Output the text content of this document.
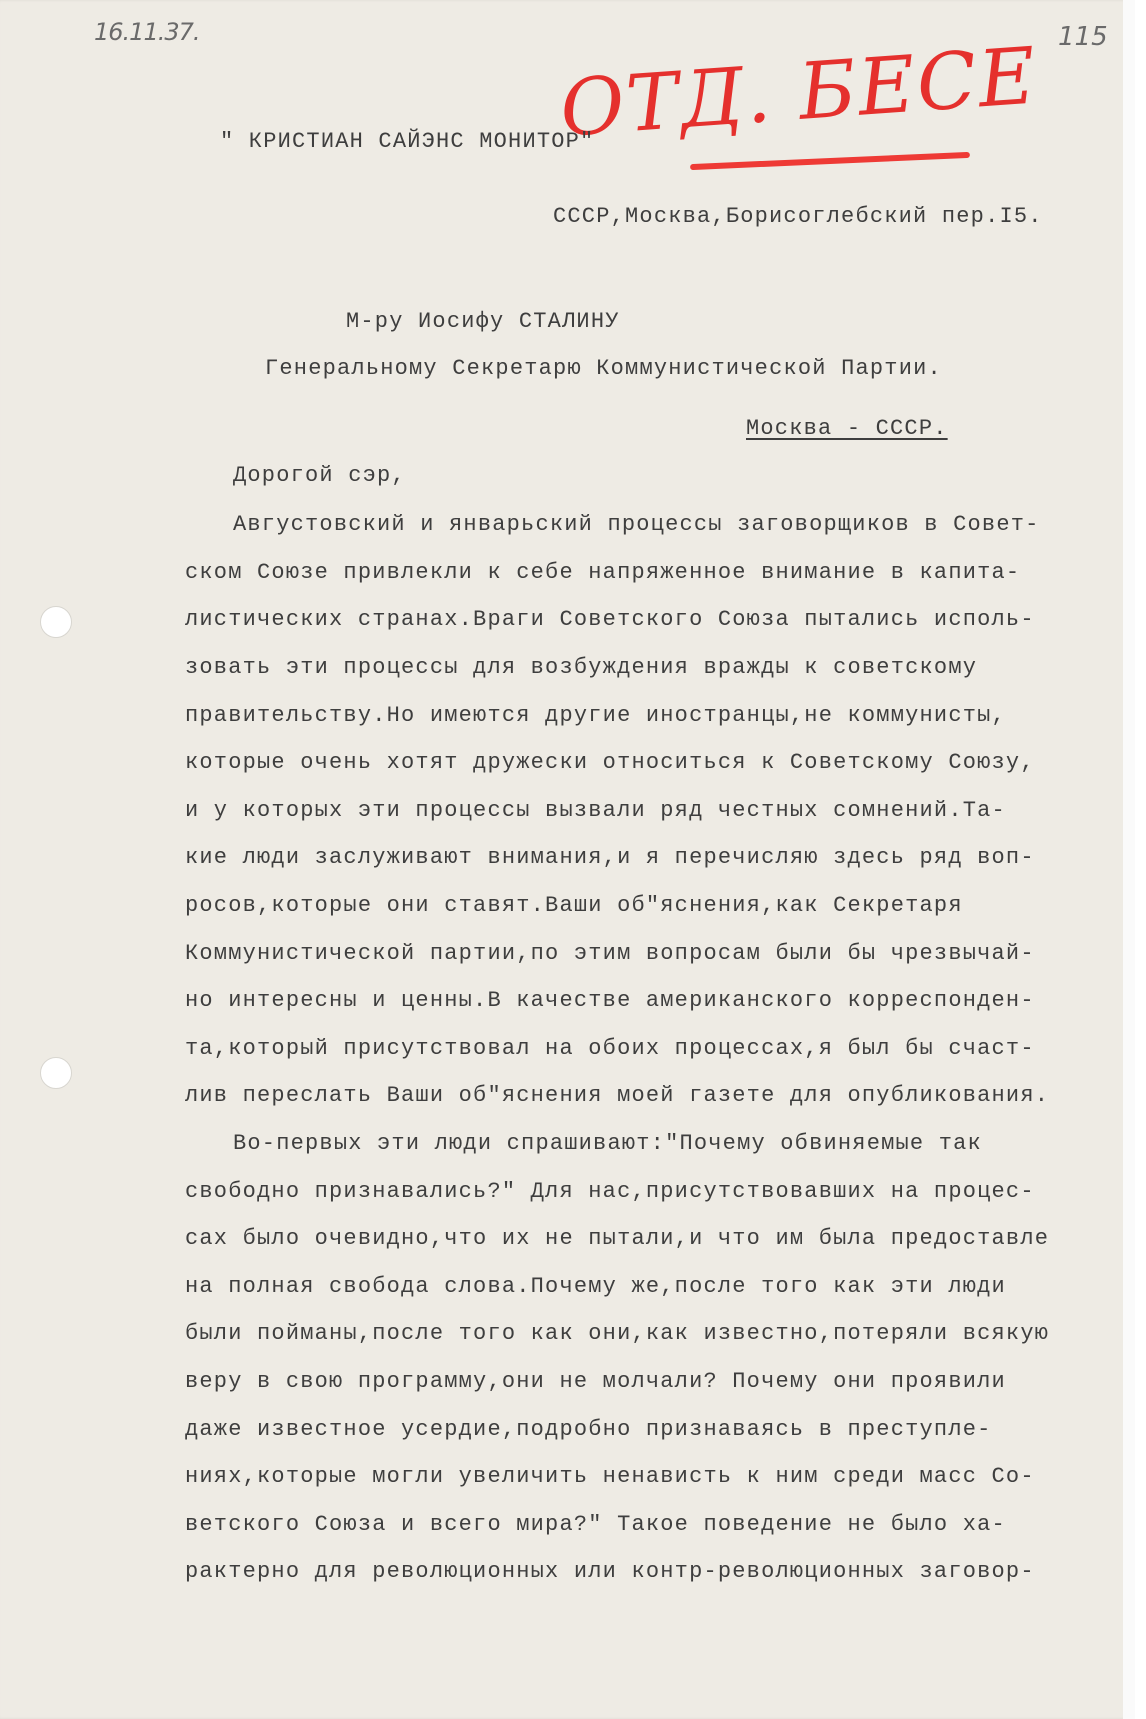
16.11.37.	115
ОТД. БЕСЕ
" КРИСТИАН САЙЭНС МОНИТОР"
СССР,Москва,Борисоглебский пер.I5.
М-ру Иосифу СТАЛИНУ
Генеральному Секретарю Коммунистической Партии.
Москва - СССР.
Дорогой сэр,
Августовский и январьский процессы заговорщиков в Совет-
ском Союзе привлекли к себе напряженное внимание в капита-
листических странах.Враги Советского Союза пытались исполь-
зовать эти процессы для возбуждения вражды к советскому
правительству.Но имеются другие иностранцы,не коммунисты,
которые очень хотят дружески относиться к Советскому Союзу,
и у которых эти процессы вызвали ряд честных сомнений.Та-
кие люди заслуживают внимания,и я перечисляю здесь ряд воп-
росов,которые они ставят.Ваши об"яснения,как Секретаря
Коммунистической партии,по этим вопросам были бы чрезвычай-
но интересны и ценны.В качестве американского корреспонден-
та,который присутствовал на обоих процессах,я был бы счаст-
лив переслать Ваши об"яснения моей газете для опубликования.
Во-первых эти люди спрашивают:"Почему обвиняемые так
свободно признавались?" Для нас,присутствовавших на процес-
сах было очевидно,что их не пытали,и что им была предоставле
на полная свобода слова.Почему же,после того как эти люди
были пойманы,после того как они,как известно,потеряли всякую
веру в свою программу,они не молчали? Почему они проявили
даже известное усердие,подробно признаваясь в преступле-
ниях,которые могли увеличить ненависть к ним среди масс Со-
ветского Союза и всего мира?" Такое поведение не было ха-
рактерно для революционных или контр-революционных заговор-
